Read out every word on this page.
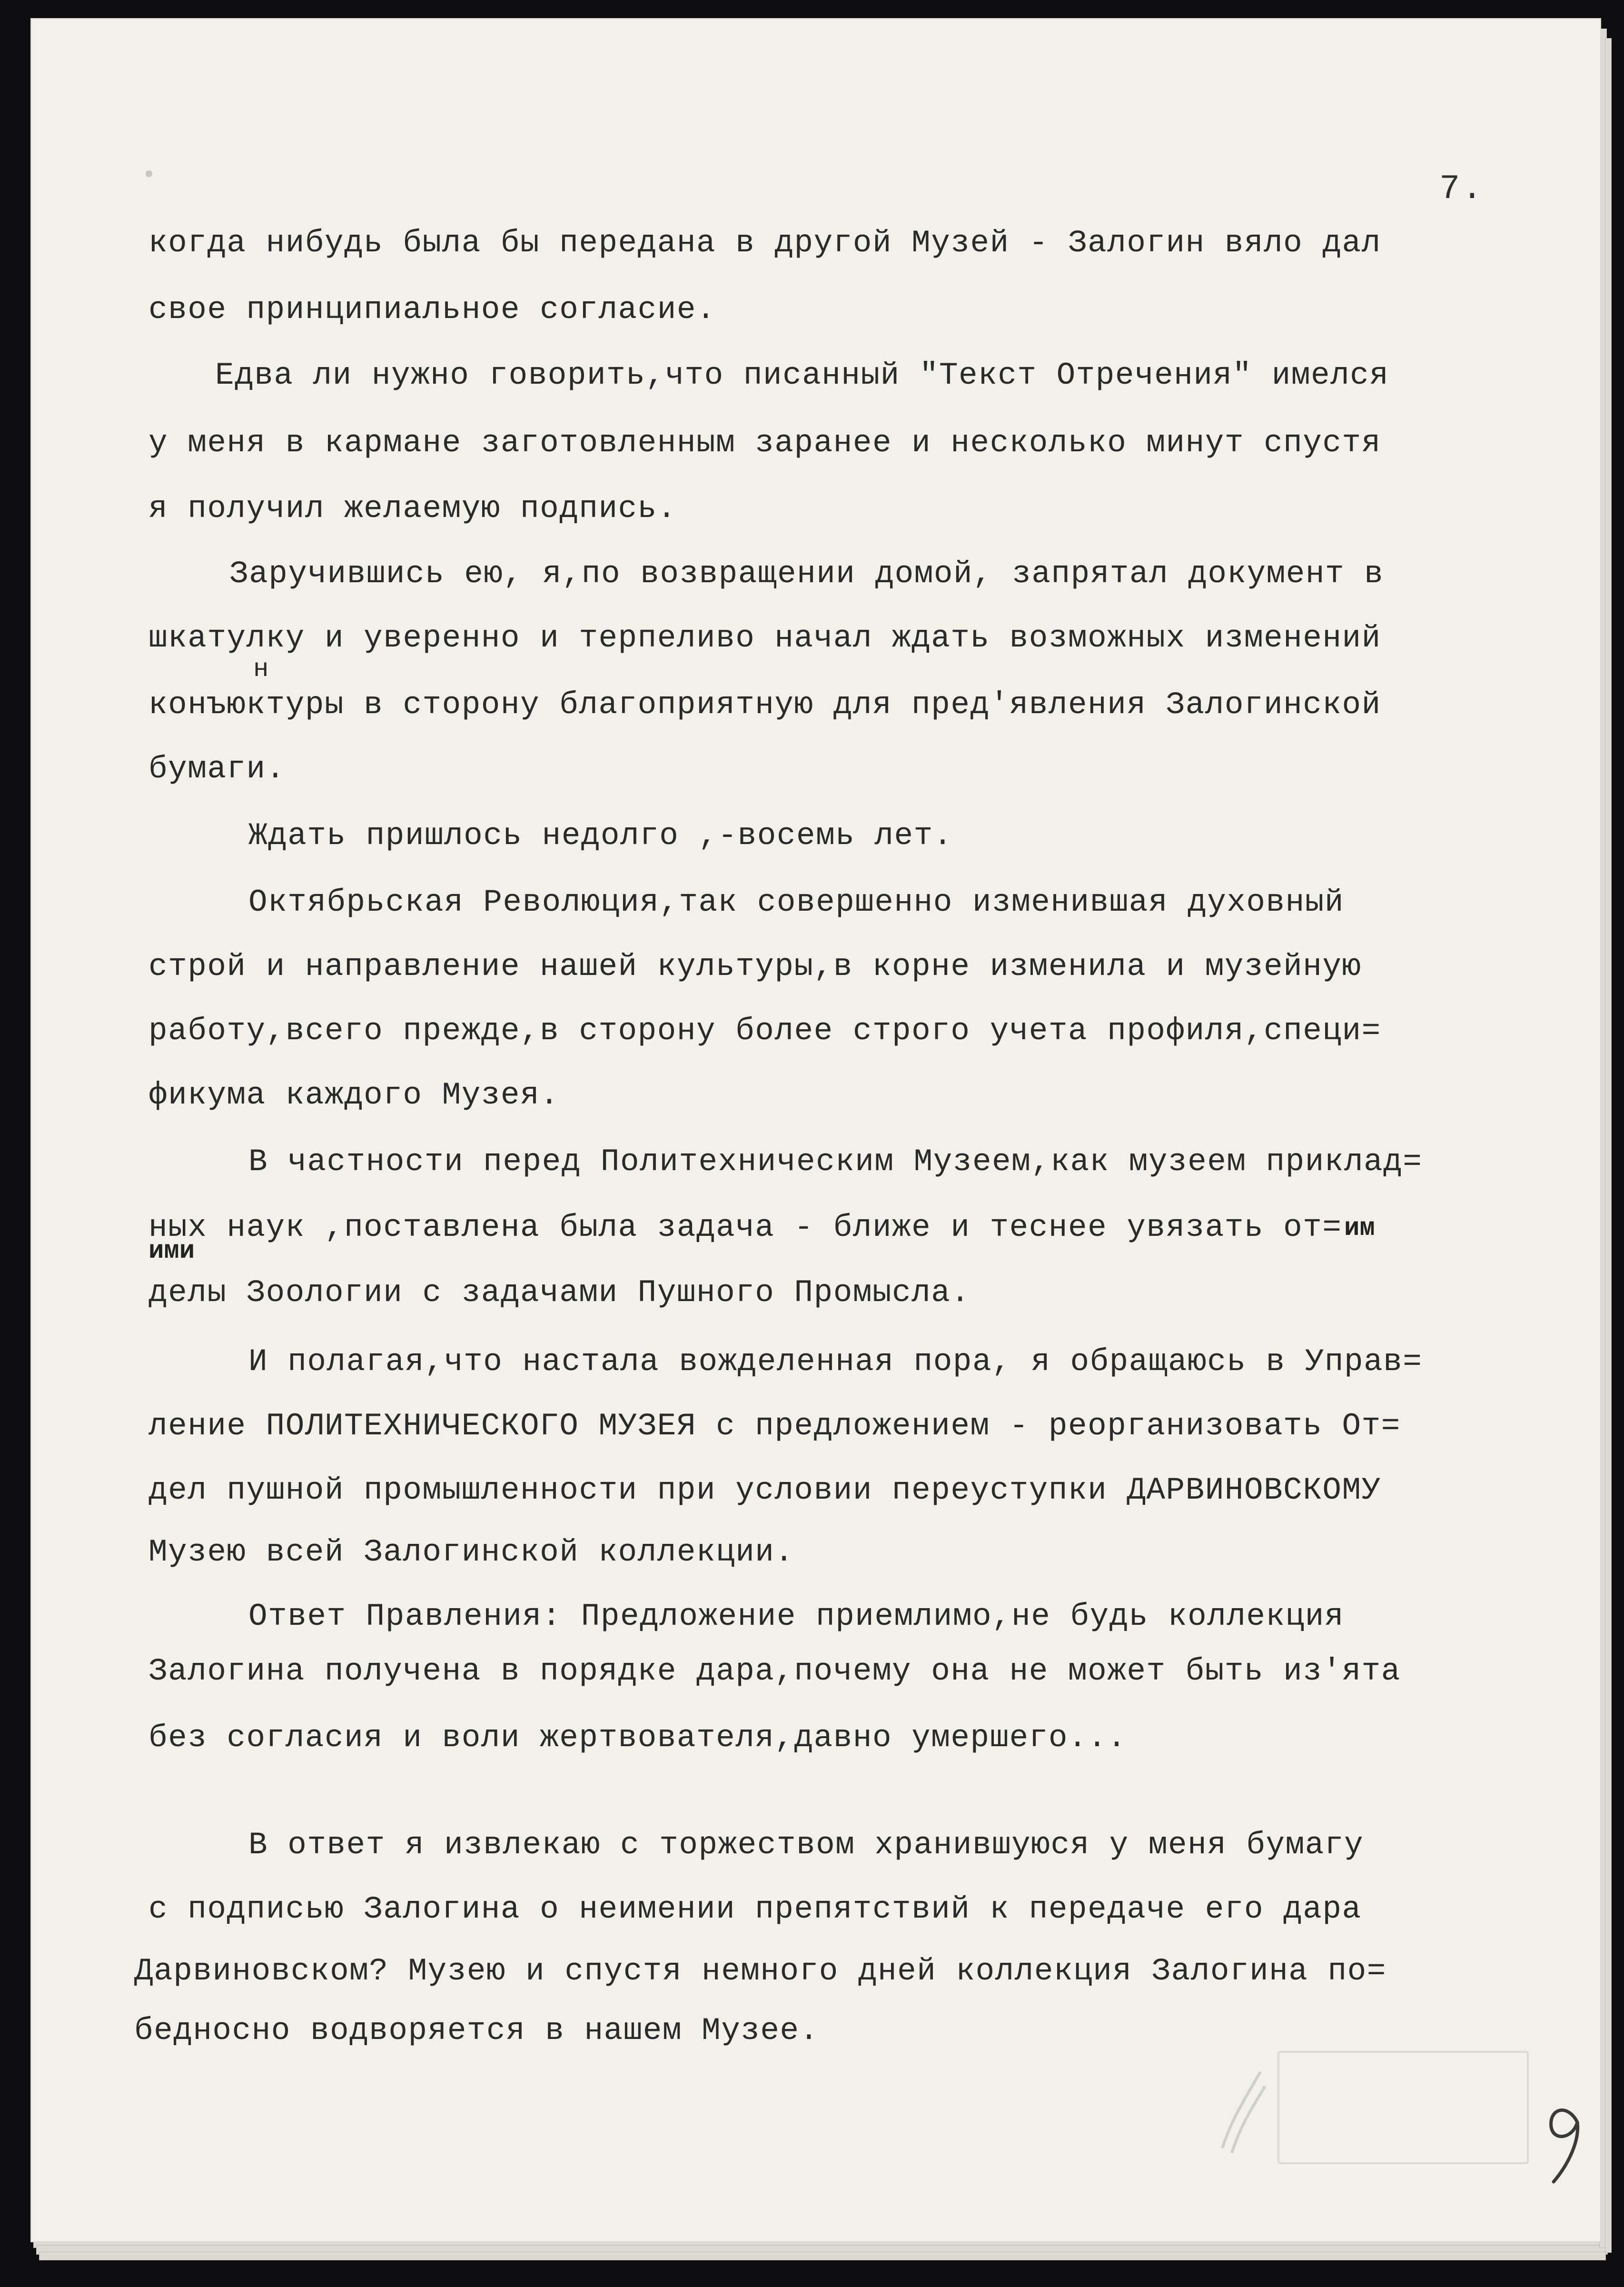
7.
когда нибудь была бы передана в другой Музей - Залогин вяло дал
свое принципиальное согласие.
Едва ли нужно говорить,что писанный "Текст Отречения" имелся
у меня в кармане заготовленным заранее и несколько минут спустя
я получил желаемую подпись.
Заручившись ею, я,по возвращении домой, запрятал документ в
шкатулку и уверенно и терпеливо начал ждать возможных изменений
н
конъюктуры в сторону благоприятную для пред'явления Залогинской
бумаги.
Ждать пришлось недолго ,-восемь лет.
Октябрьская Революция,так совершенно изменившая духовный
строй и направление нашей культуры,в корне изменила и музейную
работу,всего прежде,в сторону более строго учета профиля,специ=
фикума каждого Музея.
В частности перед Политехническим Музеем,как музеем приклад=
ных наук ,поставлена была задача - ближе и теснее увязать от=
ими
им
делы Зоологии с задачами Пушного Промысла.
И полагая,что настала вожделенная пора, я обращаюсь в Управ=
ление ПОЛИТЕХНИЧЕСКОГО МУЗЕЯ с предложением - реорганизовать От=
дел пушной промышленности при условии переуступки ДАРВИНОВСКОМУ
Музею всей Залогинской коллекции.
Ответ Правления: Предложение приемлимо,не будь коллекция
Залогина получена в порядке дара,почему она не может быть из'ята
без согласия и воли жертвователя,давно умершего...
В ответ я извлекаю с торжеством хранившуюся у меня бумагу
с подписью Залогина о неимении препятствий к передаче его дара
Дарвиновском? Музею и спустя немного дней коллекция Залогина по=
бедносно водворяется в нашем Музее.
